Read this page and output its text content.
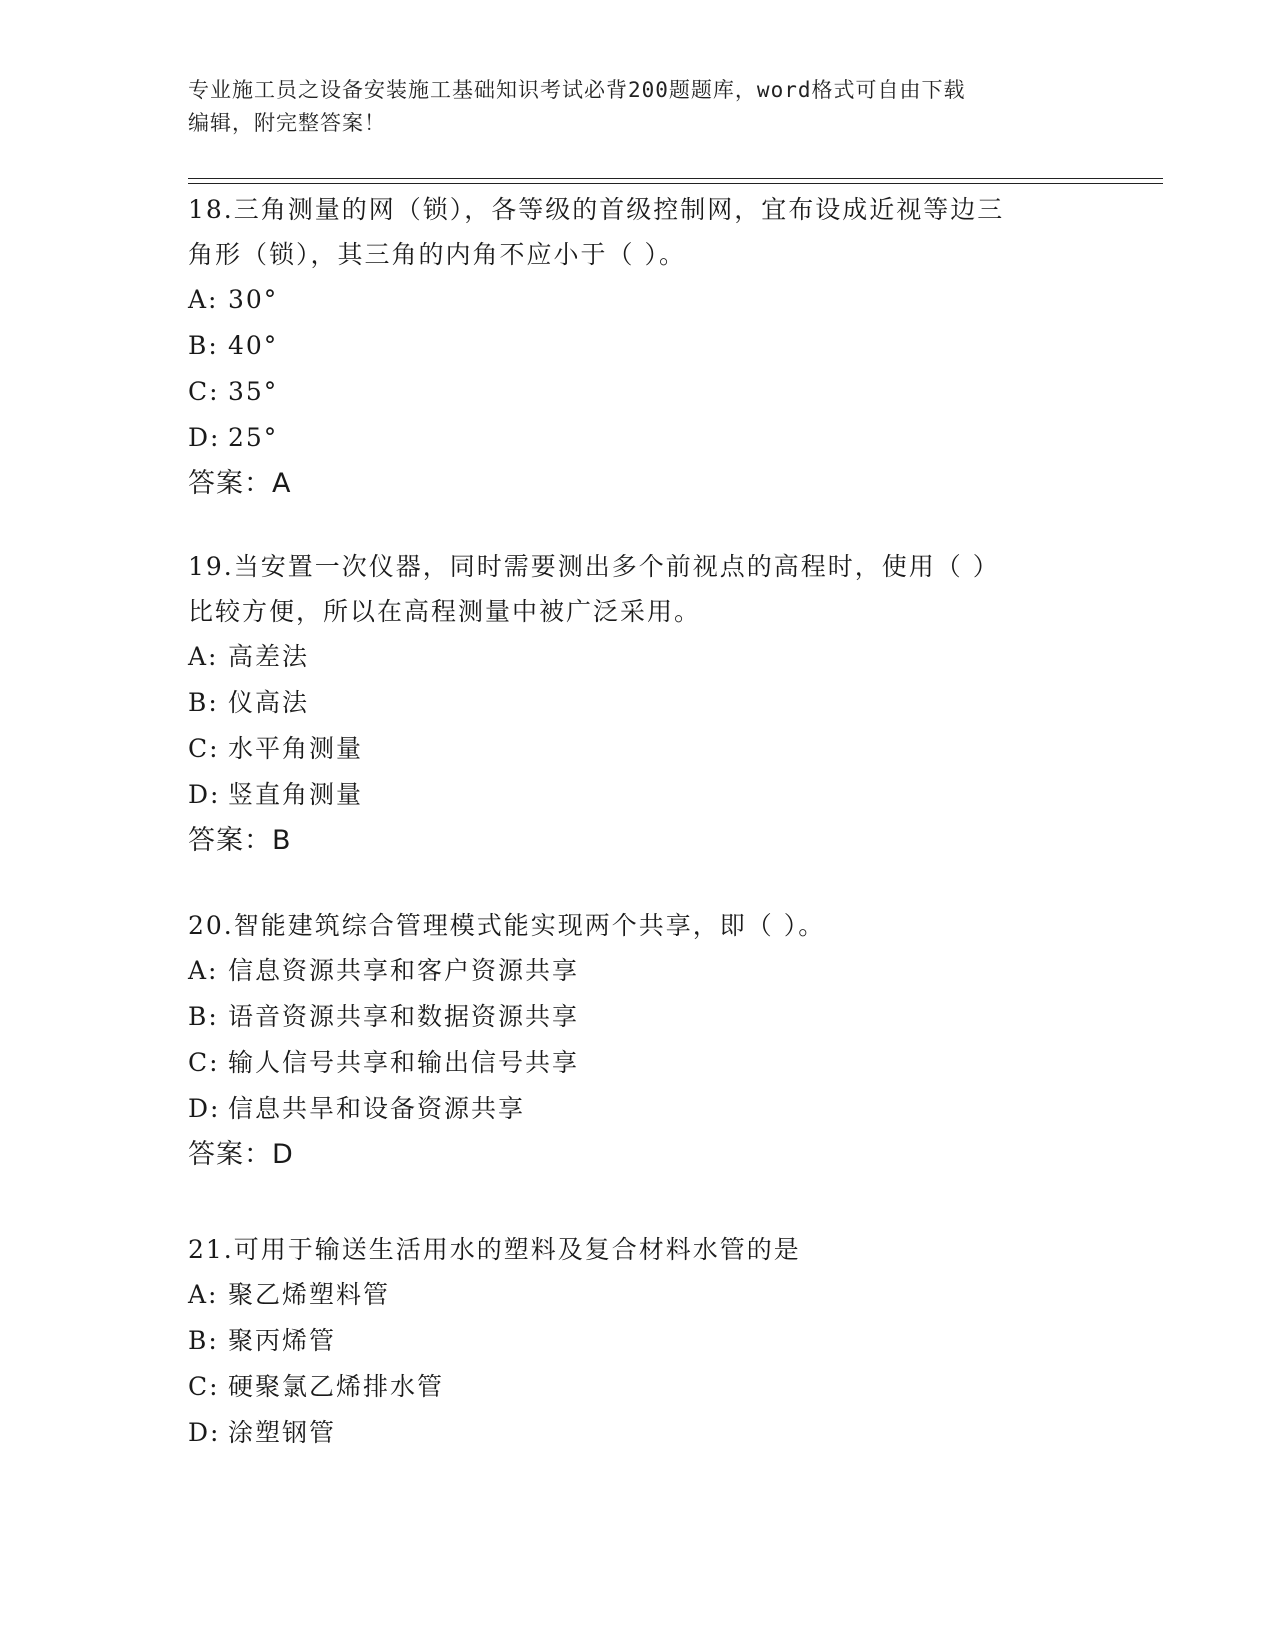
专业施工员之设备安装施工基础知识考试必背200题题库，word格式可自由下载
编辑，附完整答案！
18.三角测量的网（锁），各等级的首级控制网，宜布设成近视等边三
角形（锁），其三角的内角不应小于（ ）。
A: 30°
B: 40°
C: 35°
D: 25°
答案：A
19.当安置一次仪器，同时需要测出多个前视点的高程时，使用（ ）
比较方便，所以在高程测量中被广泛采用。
A: 高差法
B: 仪高法
C: 水平角测量
D: 竖直角测量
答案：B
20.智能建筑综合管理模式能实现两个共享，即（ ）。
A: 信息资源共享和客户资源共享
B: 语音资源共享和数据资源共享
C: 输人信号共享和输出信号共享
D: 信息共旱和设备资源共享
答案：D
21.可用于输送生活用水的塑料及复合材料水管的是
A: 聚乙烯塑料管
B: 聚丙烯管
C: 硬聚氯乙烯排水管
D: 涂塑钢管
